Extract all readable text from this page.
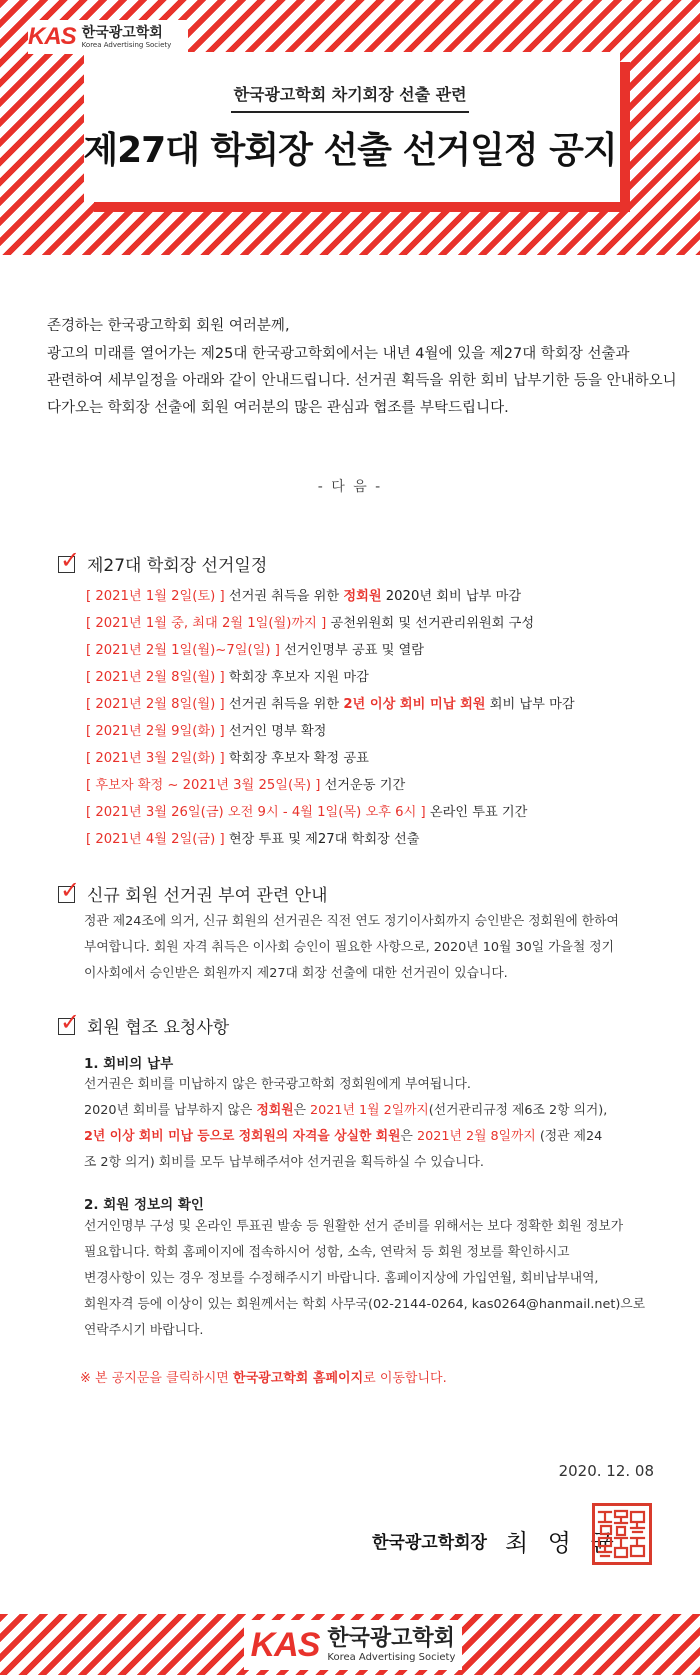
KAS 한국광고학회
Korea Advertising Society
한국광고학회 차기회장 선출 관련
제27대 학회장 선출 선거일정 공지

존경하는 한국광고학회 회원 여러분께,

광고의 미래를 열어가는 제25대 한국광고학회에서는 내년 4월에 있을 제27대 학회장 선출과

관련하여 세부일정을 아래와 같이 안내드립니다. 선거권 획득을 위한 회비 납부기한 등을 안내하오니

다가오는 학회장 선출에 회원 여러분의 많은 관심과 협조를 부탁드립니다.

- 다 음 -
✓ 제27대 학회장 선거일정
[ 2021년 1월 2일(토) ] 선거권 취득을 위한 정회원 2020년 회비 납부 마감
[ 2021년 1월 중, 최대 2월 1일(월)까지 ] 공천위원회 및 선거관리위원회 구성
[ 2021년 2월 1일(월)~7일(일) ] 선거인명부 공표 및 열람
[ 2021년 2월 8일(월) ] 학회장 후보자 지원 마감
[ 2021년 2월 8일(월) ] 선거권 취득을 위한 2년 이상 회비 미납 회원 회비 납부 마감
[ 2021년 2월 9일(화) ] 선거인 명부 확정
[ 2021년 3월 2일(화) ] 학회장 후보자 확정 공표
[ 후보자 확정 ~ 2021년 3월 25일(목) ] 선거운동 기간
[ 2021년 3월 26일(금) 오전 9시 - 4월 1일(목) 오후 6시 ] 온라인 투표 기간
[ 2021년 4월 2일(금) ] 현장 투표 및 제27대 학회장 선출
✓ 신규 회원 선거권 부여 관련 안내
정관 제24조에 의거, 신규 회원의 선거권은 직전 연도 정기이사회까지 승인받은 정회원에 한하여
부여합니다. 회원 자격 취득은 이사회 승인이 필요한 사항으로, 2020년 10월 30일 가을철 정기
이사회에서 승인받은 회원까지 제27대 회장 선출에 대한 선거권이 있습니다.
✓ 회원 협조 요청사항
1. 회비의 납부
선거권은 회비를 미납하지 않은 한국광고학회 정회원에게 부여됩니다.
2020년 회비를 납부하지 않은 정회원은 2021년 1월 2일까지(선거관리규정 제6조 2항 의거),
2년 이상 회비 미납 등으로 정회원의 자격을 상실한 회원은 2021년 2월 8일까지 (정관 제24
조 2항 의거) 회비를 모두 납부해주셔야 선거권을 획득하실 수 있습니다.
2. 회원 정보의 확인
선거인명부 구성 및 온라인 투표권 발송 등 원활한 선거 준비를 위해서는 보다 정확한 회원 정보가
필요합니다. 학회 홈페이지에 접속하시어 성함, 소속, 연락처 등 회원 정보를 확인하시고
변경사항이 있는 경우 정보를 수정해주시기 바랍니다. 홈페이지상에 가입연월, 회비납부내역,
회원자격 등에 이상이 있는 회원께서는 학회 사무국(02-2144-0264, kas0264@hanmail.net)으로
연락주시기 바랍니다.
※ 본 공지문을 클릭하시면 한국광고학회 홈페이지로 이동합니다.
2020. 12. 08
한국광고학회장 최 영 균
KAS 한국광고학회
Korea Advertising Society
